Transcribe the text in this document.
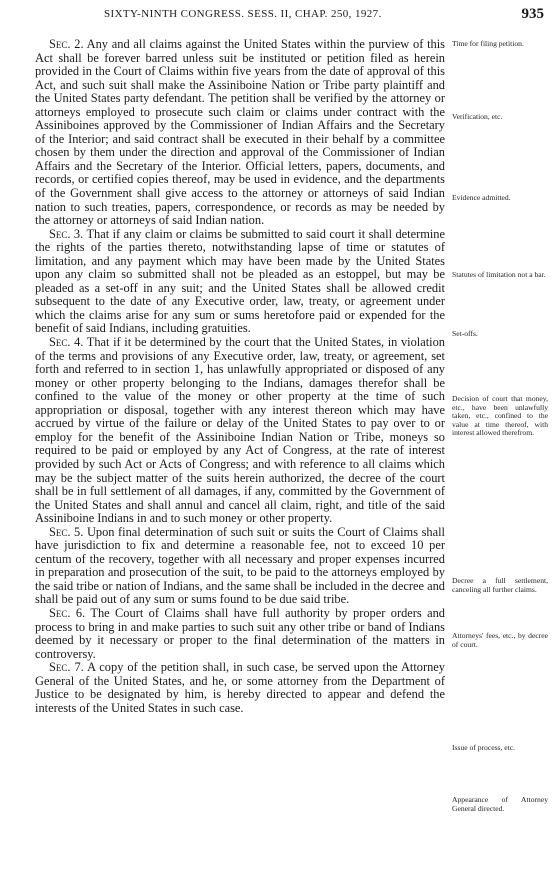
SIXTY-NINTH CONGRESS. SESS. II, CHAP. 250, 1927.	935

Sec. 2. Any and all claims against the United States within the purview of this Act shall be forever barred unless suit be instituted or petition filed as herein provided in the Court of Claims within five years from the date of approval of this Act, and such suit shall make the Assiniboine Nation or Tribe party plaintiff and the United States party defendant. The petition shall be verified by the attorney or attorneys employed to prosecute such claim or claims under contract with the Assiniboines approved by the Commissioner of Indian Affairs and the Secretary of the Interior; and said contract shall be executed in their behalf by a committee chosen by them under the direction and approval of the Commissioner of Indian Affairs and the Secretary of the Interior. Official letters, papers, documents, and records, or certified copies thereof, may be used in evidence, and the departments of the Government shall give access to the attorney or attorneys of said Indian nation to such treaties, papers, correspondence, or records as may be needed by the attorney or attorneys of said Indian nation.

Sec. 3. That if any claim or claims be submitted to said court it shall determine the rights of the parties thereto, notwithstanding lapse of time or statutes of limitation, and any payment which may have been made by the United States upon any claim so submitted shall not be pleaded as an estoppel, but may be pleaded as a set-off in any suit; and the United States shall be allowed credit subsequent to the date of any Executive order, law, treaty, or agreement under which the claims arise for any sum or sums heretofore paid or expended for the benefit of said Indians, including gratuities.

Sec. 4. That if it be determined by the court that the United States, in violation of the terms and provisions of any Executive order, law, treaty, or agreement, set forth and referred to in section 1, has unlawfully appropriated or disposed of any money or other property belonging to the Indians, damages therefor shall be confined to the value of the money or other property at the time of such appropriation or disposal, together with any interest thereon which may have accrued by virtue of the failure or delay of the United States to pay over to or employ for the benefit of the Assiniboine Indian Nation or Tribe, moneys so required to be paid or employed by any Act of Congress, at the rate of interest provided by such Act or Acts of Congress; and with reference to all claims which may be the subject matter of the suits herein authorized, the decree of the court shall be in full settlement of all damages, if any, committed by the Government of the United States and shall annul and cancel all claim, right, and title of the said Assiniboine Indians in and to such money or other property.

Sec. 5. Upon final determination of such suit or suits the Court of Claims shall have jurisdiction to fix and determine a reasonable fee, not to exceed 10 per centum of the recovery, together with all necessary and proper expenses incurred in preparation and prosecution of the suit, to be paid to the attorneys employed by the said tribe or nation of Indians, and the same shall be included in the decree and shall be paid out of any sum or sums found to be due said tribe.

Sec. 6. The Court of Claims shall have full authority by proper orders and process to bring in and make parties to such suit any other tribe or band of Indians deemed by it necessary or proper to the final determination of the matters in controversy.

Sec. 7. A copy of the petition shall, in such case, be served upon the Attorney General of the United States, and he, or some attorney from the Department of Justice to be designated by him, is hereby directed to appear and defend the interests of the United States in such case.

Time for filing petition.
Verification, etc.
Evidence admitted.
Statutes of limitation not a bar.
Set-offs.
Decision of court that money, etc., have been unlawfully taken, etc., confined to the value at time thereof, with interest allowed therefrom.
Decree a full settlement, canceling all further claims.
Attorneys' fees, etc., by decree of court.
Issue of process, etc.
Appearance of Attorney General directed.
